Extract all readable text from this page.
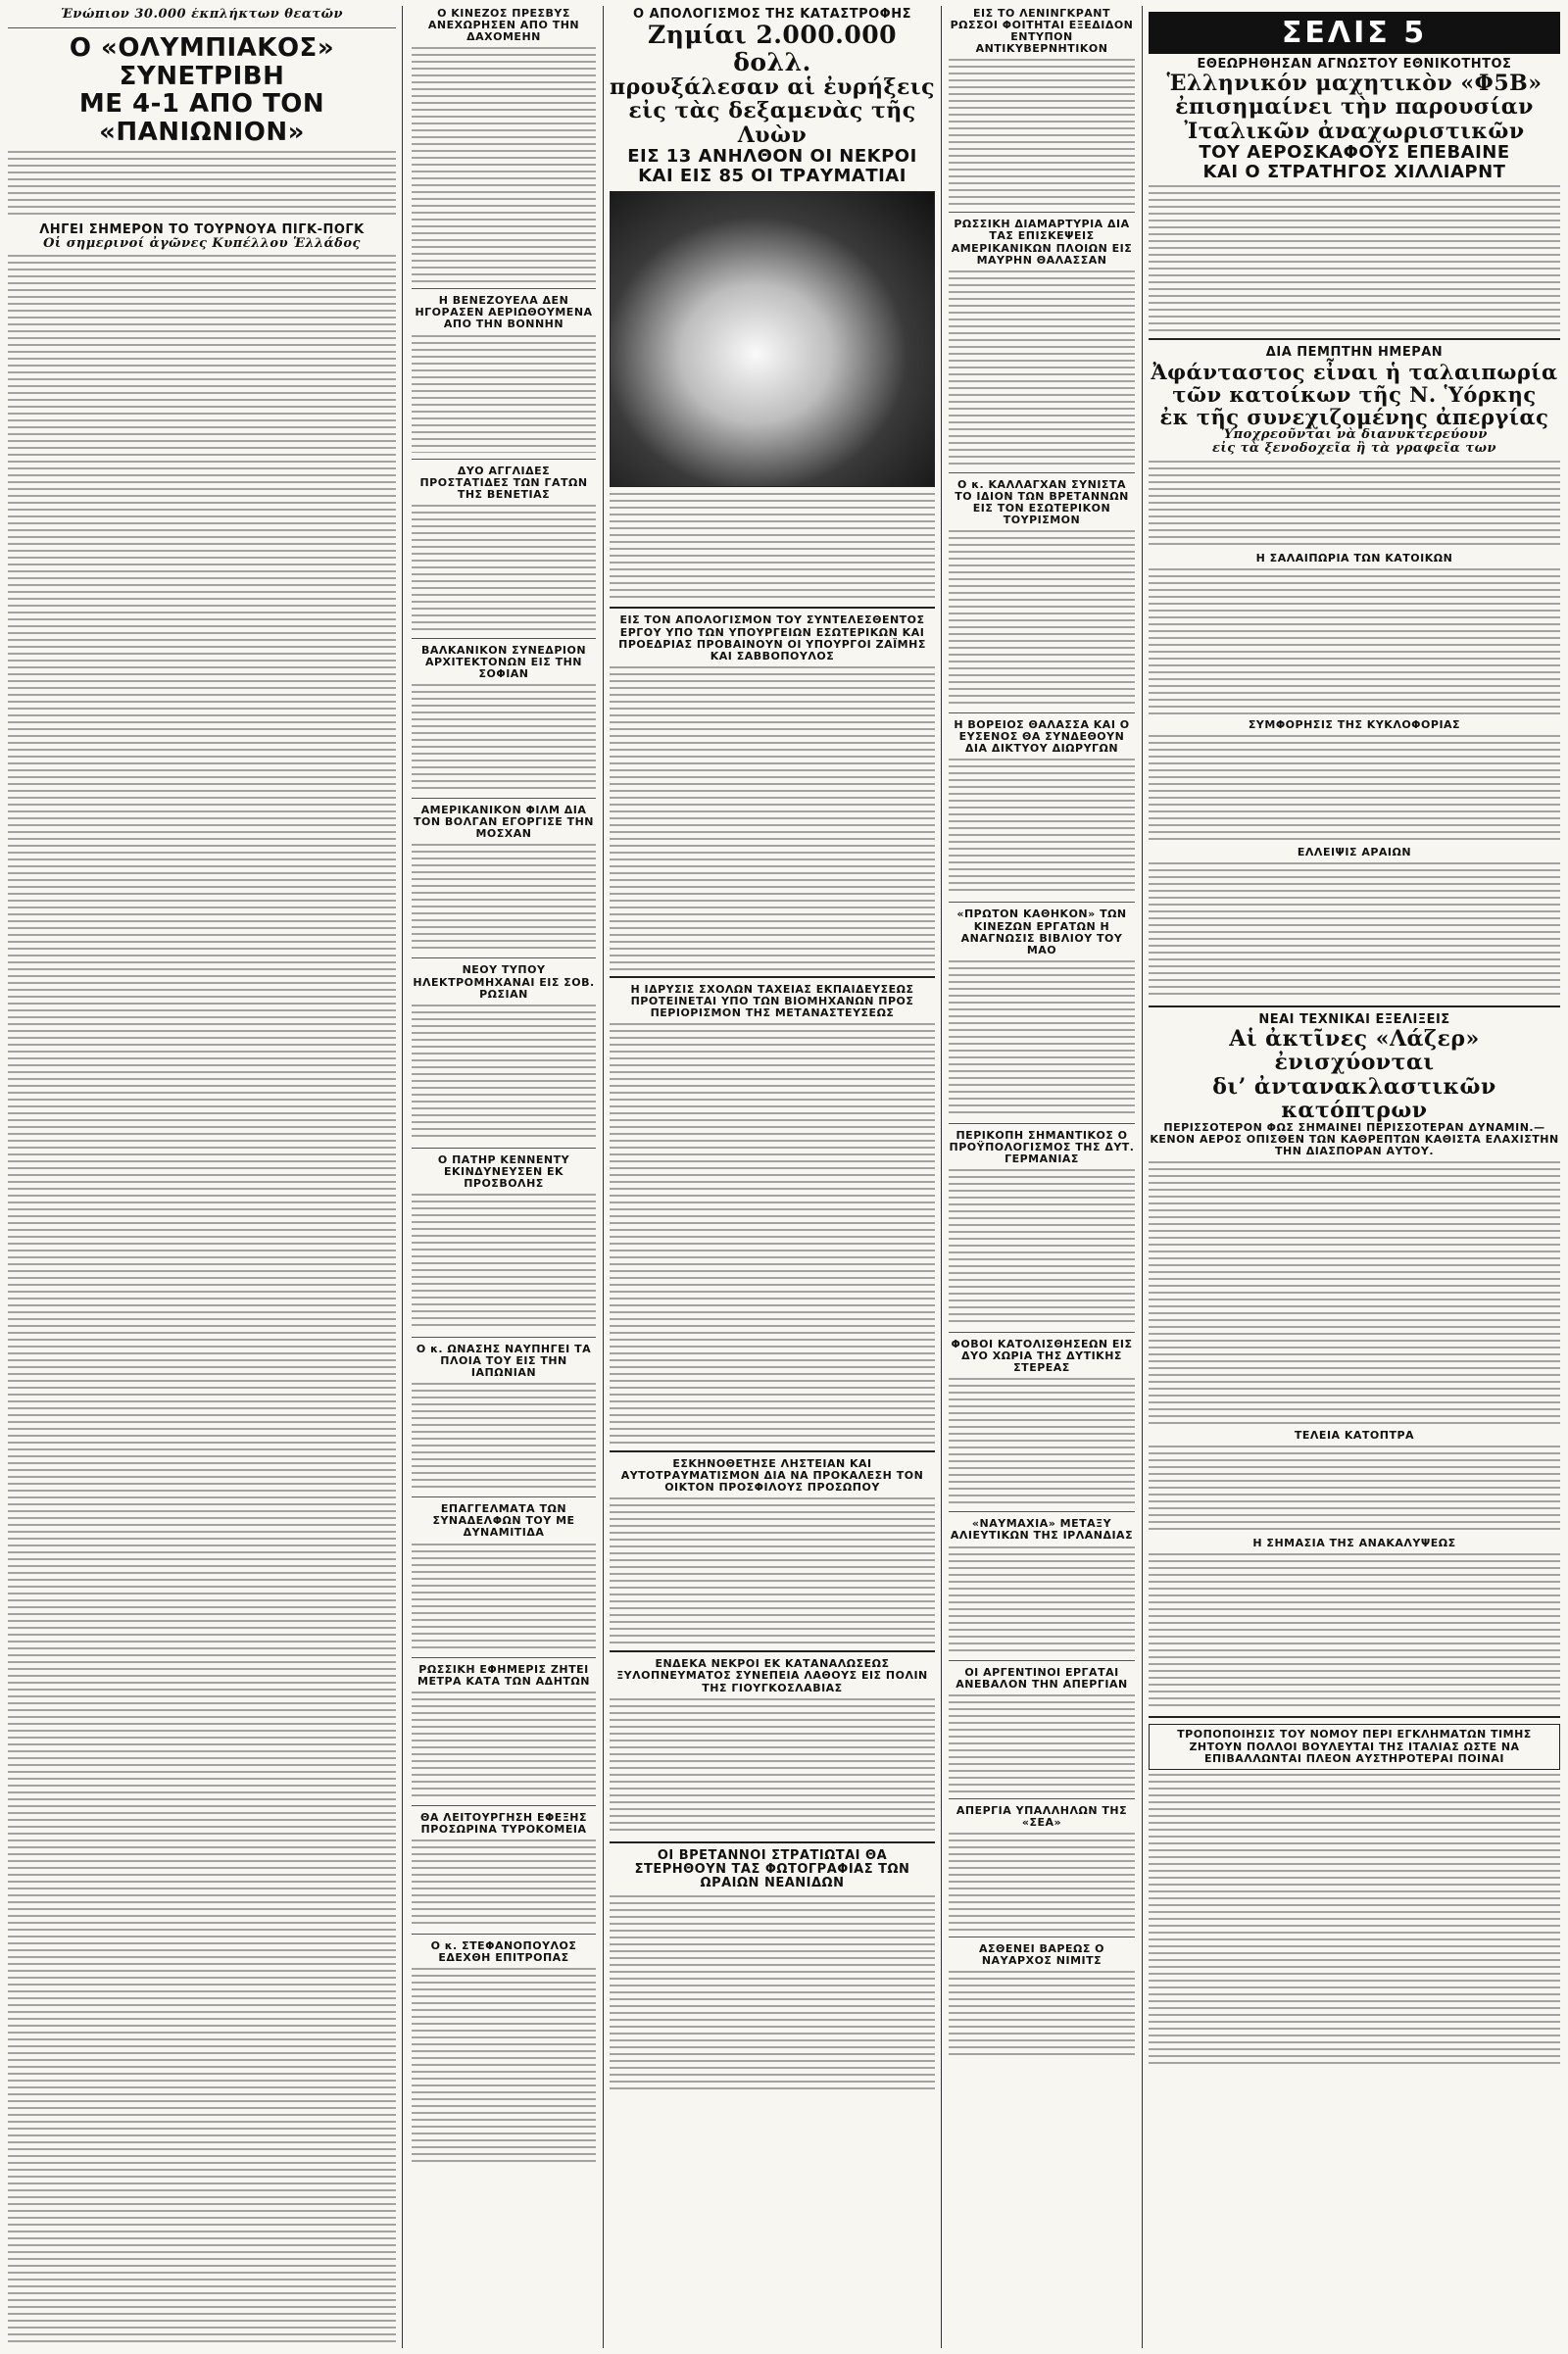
Ἐνώπιον 30.000 ἐκπλήκτων θεατῶν
Ο «ΟΛΥΜΠΙΑΚΟΣ» ΣΥΝΕΤΡΙΒΗ
ΜΕ 4-1 ΑΠΟ ΤΟΝ «ΠΑΝΙΩΝΙΟΝ»
ΛΗΓΕΙ ΣΗΜΕΡΟΝ ΤΟ ΤΟΥΡΝΟΥΑ ΠΙΓΚ-ΠΟΓΚ
Οἱ σημερινοί ἀγῶνες Κυπέλλου Ἑλλάδος
Ο ΚΙΝΕΖΟΣ ΠΡΕΣΒΥΣ ΑΝΕΧΩΡΗΣΕΝ ΑΠΟ ΤΗΝ ΔΑΧΟΜΕΗΝ
Η ΒΕΝΕΖΟΥΕΛΑ ΔΕΝ ΗΓΟΡΑΣΕΝ ΑΕΡΙΩΘΟΥΜΕΝΑ ΑΠΟ ΤΗΝ ΒΟΝΝΗΝ
ΔΥΟ ΑΓΓΛΙΔΕΣ ΠΡΟΣΤΑΤΙΔΕΣ ΤΩΝ ΓΑΤΩΝ ΤΗΣ ΒΕΝΕΤΙΑΣ
ΒΑΛΚΑΝΙΚΟΝ ΣΥΝΕΔΡΙΟΝ ΑΡΧΙΤΕΚΤΟΝΩΝ ΕΙΣ ΤΗΝ ΣΟΦΙΑΝ
ΑΜΕΡΙΚΑΝΙΚΟΝ ΦΙΛΜ ΔΙΑ ΤΟΝ ΒΟΛΓΑΝ ΕΓΟΡΓΙΣΕ ΤΗΝ ΜΟΣΧΑΝ
ΝΕΟΥ ΤΥΠΟΥ ΗΛΕΚΤΡΟΜΗΧΑΝΑΙ ΕΙΣ ΣΟΒ. ΡΩΣΙΑΝ
Ο ΠΑΤΗΡ ΚΕΝΝΕΝΤΥ ΕΚΙΝΔΥΝΕΥΣΕΝ ΕΚ ΠΡΟΣΒΟΛΗΣ
Ο κ. ΩΝΑΣΗΣ ΝΑΥΠΗΓΕΙ ΤΑ ΠΛΟΙΑ ΤΟΥ ΕΙΣ ΤΗΝ ΙΑΠΩΝΙΑΝ
ΕΠΑΓΓΕΛΜΑΤΑ ΤΩΝ ΣΥΝΑΔΕΛΦΩΝ ΤΟΥ ΜΕ ΔΥΝΑΜΙΤΙΔΑ
ΡΩΣΣΙΚΗ ΕΦΗΜΕΡΙΣ ΖΗΤΕΙ ΜΕΤΡΑ ΚΑΤΑ ΤΩΝ ΑΔΗΤΩΝ
ΘΑ ΛΕΙΤΟΥΡΓΗΣΗ ΕΦΕΞΗΣ ΠΡΟΣΩΡΙΝΑ ΤΥΡΟΚΟΜΕΙΑ
Ο κ. ΣΤΕΦΑΝΟΠΟΥΛΟΣ ΕΔΕΧΘΗ ΕΠΙΤΡΟΠΑΣ
Ο ΑΠΟΛΟΓΙΣΜΟΣ ΤΗΣ ΚΑΤΑΣΤΡΟΦΗΣ
Ζημίαι 2.000.000 δολλ.
προυξάλεσαν αἱ ἐυρήξεις
εἰς τὰς δεξαμενὰς τῆς Λυὼν
ΕΙΣ 13 ΑΝΗΛΘΟΝ ΟΙ ΝΕΚΡΟΙ
ΚΑΙ ΕΙΣ 85 ΟΙ ΤΡΑΥΜΑΤΙΑΙ
ΕΙΣ ΤΟΝ ΑΠΟΛΟΓΙΣΜΟΝ ΤΟΥ ΣΥΝΤΕΛΕΣΘΕΝΤΟΣ ΕΡΓΟΥ ΥΠΟ ΤΩΝ ΥΠΟΥΡΓΕΙΩΝ ΕΣΩΤΕΡΙΚΩΝ ΚΑΙ ΠΡΟΕΔΡΙΑΣ ΠΡΟΒΑΙΝΟΥΝ ΟΙ ΥΠΟΥΡΓΟΙ ΖΑΪΜΗΣ ΚΑΙ ΣΑΒΒΟΠΟΥΛΟΣ
Η ΙΔΡΥΣΙΣ ΣΧΟΛΩΝ ΤΑΧΕΙΑΣ ΕΚΠΑΙΔΕΥΣΕΩΣ ΠΡΟΤΕΙΝΕΤΑΙ ΥΠΟ ΤΩΝ ΒΙΟΜΗΧΑΝΩΝ ΠΡΟΣ ΠΕΡΙΟΡΙΣΜΟΝ ΤΗΣ ΜΕΤΑΝΑΣΤΕΥΣΕΩΣ
ΕΣΚΗΝΟΘΕΤΗΣΕ ΛΗΣΤΕΙΑΝ ΚΑΙ ΑΥΤΟΤΡΑΥΜΑΤΙΣΜΟΝ ΔΙΑ ΝΑ ΠΡΟΚΑΛΕΣΗ ΤΟΝ ΟΙΚΤΟΝ ΠΡΟΣΦΙΛΟΥΣ ΠΡΟΣΩΠΟΥ
ΕΝΔΕΚΑ ΝΕΚΡΟΙ ΕΚ ΚΑΤΑΝΑΛΩΣΕΩΣ ΞΥΛΟΠΝΕΥΜΑΤΟΣ ΣΥΝΕΠΕΙΑ ΛΑΘΟΥΣ ΕΙΣ ΠΟΛΙΝ ΤΗΣ ΓΙΟΥΓΚΟΣΛΑΒΙΑΣ
ΟΙ ΒΡΕΤΑΝΝΟΙ ΣΤΡΑΤΙΩΤΑΙ ΘΑ ΣΤΕΡΗΘΟΥΝ ΤΑΣ ΦΩΤΟΓΡΑΦΙΑΣ ΤΩΝ ΩΡΑΙΩΝ ΝΕΑΝΙΔΩΝ
ΕΙΣ ΤΟ ΛΕΝΙΝΓΚΡΑΝΤ ΡΩΣΣΟΙ ΦΟΙΤΗΤΑΙ ΕΞΕΔΙΔΟΝ ΕΝΤΥΠΟΝ ΑΝΤΙΚΥΒΕΡΝΗΤΙΚΟΝ
ΡΩΣΣΙΚΗ ΔΙΑΜΑΡΤΥΡΙΑ ΔΙΑ ΤΑΣ ΕΠΙΣΚΕΨΕΙΣ ΑΜΕΡΙΚΑΝΙΚΩΝ ΠΛΟΙΩΝ ΕΙΣ ΜΑΥΡΗΝ ΘΑΛΑΣΣΑΝ
Ο κ. ΚΑΛΛΑΓΧΑΝ ΣΥΝΙΣΤΑ ΤΟ ΙΔΙΟΝ ΤΩΝ ΒΡΕΤΑΝΝΩΝ ΕΙΣ ΤΟΝ ΕΣΩΤΕΡΙΚΟΝ ΤΟΥΡΙΣΜΟΝ
Η ΒΟΡΕΙΟΣ ΘΑΛΑΣΣΑ ΚΑΙ Ο ΕΥΣΕΝΟΣ ΘΑ ΣΥΝΔΕΘΟΥΝ ΔΙΑ ΔΙΚΤΥΟΥ ΔΙΩΡΥΓΩΝ
«ΠΡΩΤΟΝ ΚΑΘΗΚΟΝ» ΤΩΝ ΚΙΝΕΖΩΝ ΕΡΓΑΤΩΝ Η ΑΝΑΓΝΩΣΙΣ ΒΙΒΛΙΟΥ ΤΟΥ ΜΑΟ
ΠΕΡΙΚΟΠΗ ΣΗΜΑΝΤΙΚΟΣ Ο ΠΡΟΫΠΟΛΟΓΙΣΜΟΣ ΤΗΣ ΔΥΤ. ΓΕΡΜΑΝΙΑΣ
ΦΟΒΟΙ ΚΑΤΟΛΙΣΘΗΣΕΩΝ ΕΙΣ ΔΥΟ ΧΩΡΙΑ ΤΗΣ ΔΥΤΙΚΗΣ ΣΤΕΡΕΑΣ
«ΝΑΥΜΑΧΙΑ» ΜΕΤΑΞΥ ΑΛΙΕΥΤΙΚΩΝ ΤΗΣ ΙΡΛΑΝΔΙΑΣ
ΟΙ ΑΡΓΕΝΤΙΝΟΙ ΕΡΓΑΤΑΙ ΑΝΕΒΑΛΟΝ ΤΗΝ ΑΠΕΡΓΙΑΝ
ΑΠΕΡΓΙΑ ΥΠΑΛΛΗΛΩΝ ΤΗΣ «ΣΕΑ»
ΑΣΘΕΝΕΙ ΒΑΡΕΩΣ Ο ΝΑΥΑΡΧΟΣ ΝΙΜΙΤΣ
ΣΕΛΙΣ 5
ΕΘΕΩΡΗΘΗΣΑΝ ΑΓΝΩΣΤΟΥ ΕΘΝΙΚΟΤΗΤΟΣ
Ἑλληνικόν μαχητικὸν «Φ5Β»
ἐπισημαίνει τὴν παρουσίαν
Ἰταλικῶν ἀναχωριστικῶν
ΤΟΥ ΑΕΡΟΣΚΑΦΟΥΣ ΕΠΕΒΑΙΝΕ
ΚΑΙ Ο ΣΤΡΑΤΗΓΟΣ ΧΙΛΛΙΑΡΝΤ
ΔΙΑ ΠΕΜΠΤΗΝ ΗΜΕΡΑΝ
Ἀφάνταστος εἶναι ἡ ταλαιπωρία
τῶν κατοίκων τῆς Ν. Ὑόρκης
ἐκ τῆς συνεχιζομένης ἀπεργίας
Ὑποχρεοῦνται νὰ διανυκτερεύουν
εἰς τὰ ξενοδοχεῖα ἢ τὰ γραφεῖα των
Η ΣΑΛΑΙΠΩΡΙΑ ΤΩΝ ΚΑΤΟΙΚΩΝ
ΣΥΜΦΟΡΗΣΙΣ ΤΗΣ ΚΥΚΛΟΦΟΡΙΑΣ
ΕΛΛΕΙΨΙΣ ΑΡΑΙΩΝ
ΝΕΑΙ ΤΕΧΝΙΚΑΙ ΕΞΕΛΙΞΕΙΣ
Αἱ ἀκτῖνες «Λάζερ» ἐνισχύονται
δι’ ἀντανακλαστικῶν κατόπτρων
ΠΕΡΙΣΣΟΤΕΡΟΝ ΦΩΣ ΣΗΜΑΙΝΕΙ ΠΕΡΙΣΣΟΤΕΡΑΝ ΔΥΝΑΜΙΝ.— ΚΕΝΟΝ ΑΕΡΟΣ ΟΠΙΣΘΕΝ ΤΩΝ ΚΑΘΡΕΠΤΩΝ ΚΑΘΙΣΤΑ ΕΛΑΧΙΣΤΗΝ ΤΗΝ ΔΙΑΣΠΟΡΑΝ ΑΥΤΟΥ.
ΤΕΛΕΙΑ ΚΑΤΟΠΤΡΑ
Η ΣΗΜΑΣΙΑ ΤΗΣ ΑΝΑΚΑΛΥΨΕΩΣ
ΤΡΟΠΟΠΟΙΗΣΙΣ ΤΟΥ ΝΟΜΟΥ ΠΕΡΙ ΕΓΚΛΗΜΑΤΩΝ ΤΙΜΗΣ ΖΗΤΟΥΝ ΠΟΛΛΟΙ ΒΟΥΛΕΥΤΑΙ ΤΗΣ ΙΤΑΛΙΑΣ ΩΣΤΕ ΝΑ ΕΠΙΒΑΛΛΩΝΤΑΙ ΠΛΕΟΝ ΑΥΣΤΗΡΟΤΕΡΑΙ ΠΟΙΝΑΙ
